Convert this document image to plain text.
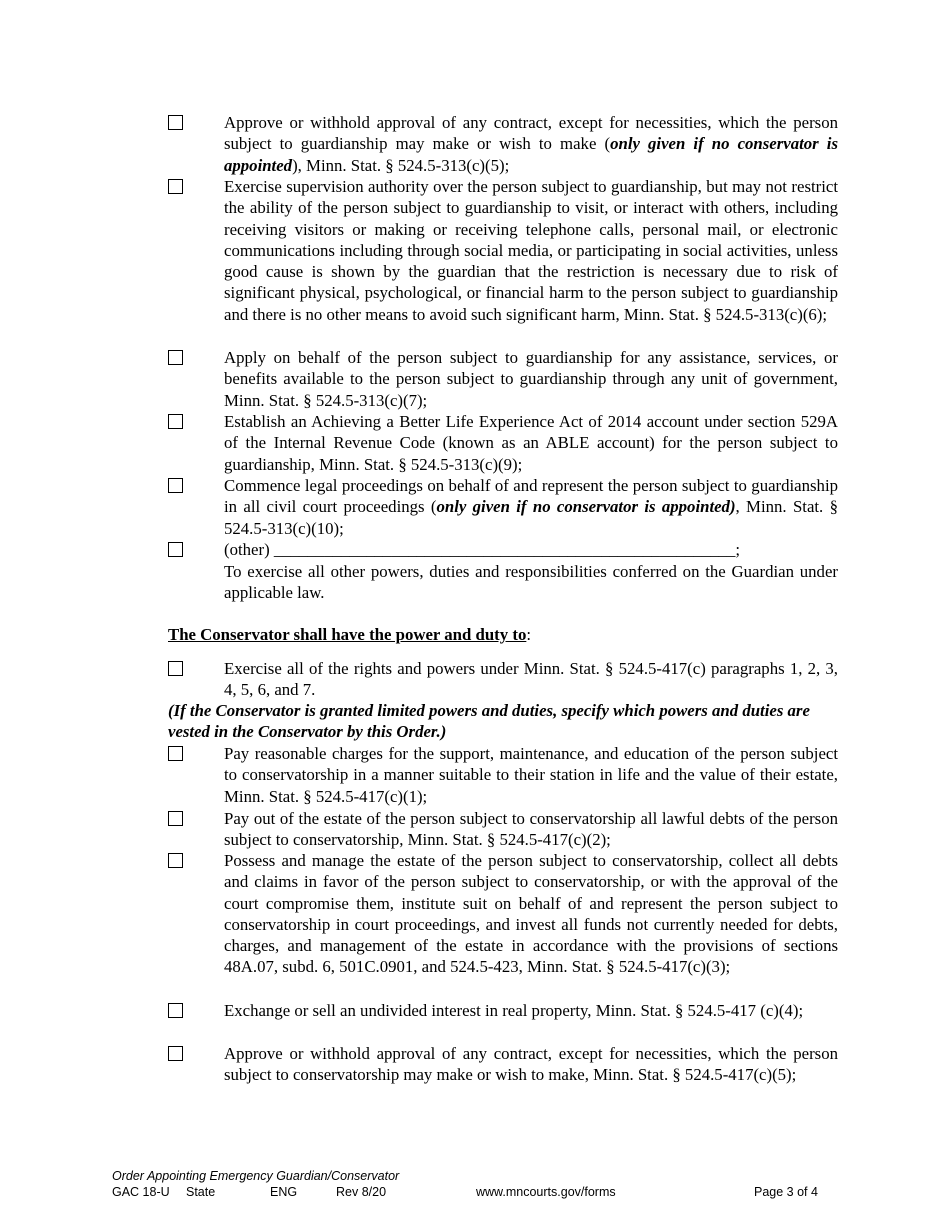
Approve or withhold approval of any contract, except for necessities, which the person subject to guardianship may make or wish to make (only given if no conservator is appointed), Minn. Stat. § 524.5-313(c)(5);
Exercise supervision authority over the person subject to guardianship, but may not restrict the ability of the person subject to guardianship to visit, or interact with others, including receiving visitors or making or receiving telephone calls, personal mail, or electronic communications including through social media, or participating in social activities, unless good cause is shown by the guardian that the restriction is necessary due to risk of significant physical, psychological, or financial harm to the person subject to guardianship and there is no other means to avoid such significant harm, Minn. Stat. § 524.5-313(c)(6);
Apply on behalf of the person subject to guardianship for any assistance, services, or benefits available to the person subject to guardianship through any unit of government, Minn. Stat. § 524.5-313(c)(7);
Establish an Achieving a Better Life Experience Act of 2014 account under section 529A of the Internal Revenue Code (known as an ABLE account) for the person subject to guardianship, Minn. Stat. § 524.5-313(c)(9);
Commence legal proceedings on behalf of and represent the person subject to guardianship in all civil court proceedings (only given if no conservator is appointed), Minn. Stat. § 524.5-313(c)(10);
(other) _______________________________________________________;
To exercise all other powers, duties and responsibilities conferred on the Guardian under applicable law.
The Conservator shall have the power and duty to:
Exercise all of the rights and powers under Minn. Stat. § 524.5-417(c) paragraphs 1, 2, 3, 4, 5, 6, and 7.
(If the Conservator is granted limited powers and duties, specify which powers and duties are vested in the Conservator by this Order.)
Pay reasonable charges for the support, maintenance, and education of the person subject to conservatorship in a manner suitable to their station in life and the value of their estate, Minn. Stat. § 524.5-417(c)(1);
Pay out of the estate of the person subject to conservatorship all lawful debts of the person subject to conservatorship, Minn. Stat. § 524.5-417(c)(2);
Possess and manage the estate of the person subject to conservatorship, collect all debts and claims in favor of the person subject to conservatorship, or with the approval of the court compromise them, institute suit on behalf of and represent the person subject to conservatorship in court proceedings, and invest all funds not currently needed for debts, charges, and management of the estate in accordance with the provisions of sections 48A.07, subd. 6, 501C.0901, and 524.5-423, Minn. Stat. § 524.5-417(c)(3);
Exchange or sell an undivided interest in real property, Minn. Stat. § 524.5-417 (c)(4);
Approve or withhold approval of any contract, except for necessities, which the person subject to conservatorship may make or wish to make, Minn. Stat. § 524.5-417(c)(5);
Order Appointing Emergency Guardian/Conservator
GAC 18-U State	ENG	Rev 8/20	www.mncourts.gov/forms	Page 3 of 4
